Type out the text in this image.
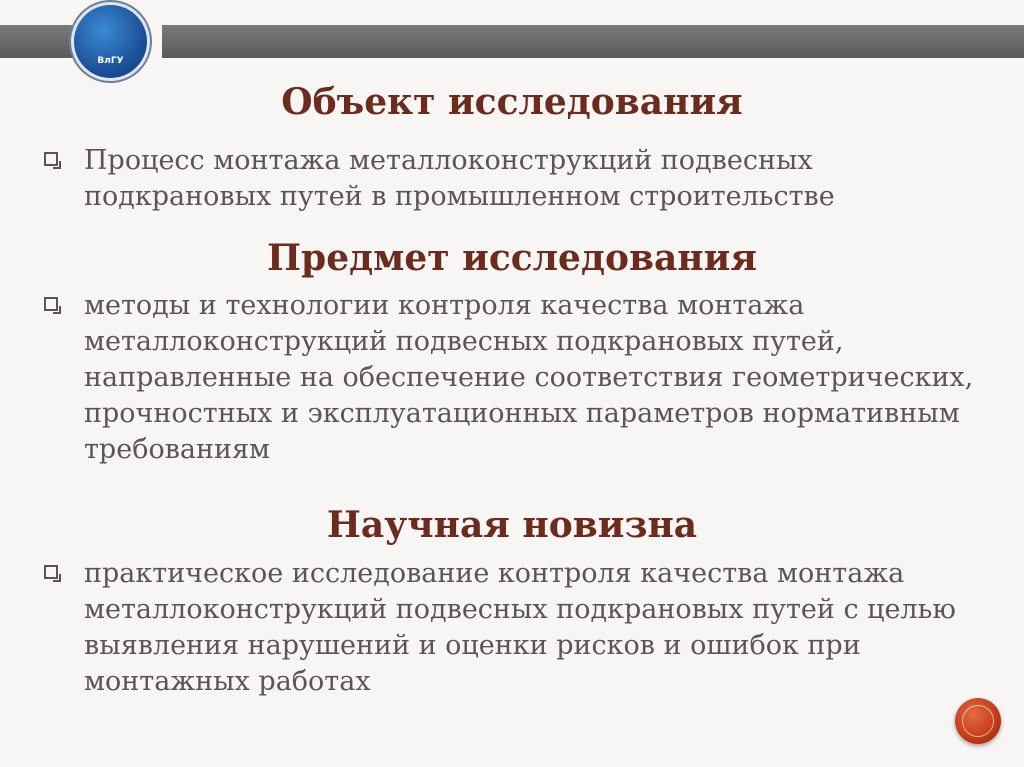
ВлГУ
Объект исследования
Процесс монтажа металлоконструкций подвесных подкрановых путей в промышленном строительстве
Предмет исследования
методы и технологии контроля качества монтажа металлоконструкций подвесных подкрановых путей, направленные на обеспечение соответствия геометрических, прочностных и эксплуатационных параметров нормативным требованиям
Научная новизна
практическое исследование контроля качества монтажа металлоконструкций подвесных подкрановых путей с целью выявления нарушений и оценки рисков и ошибок при монтажных работах
